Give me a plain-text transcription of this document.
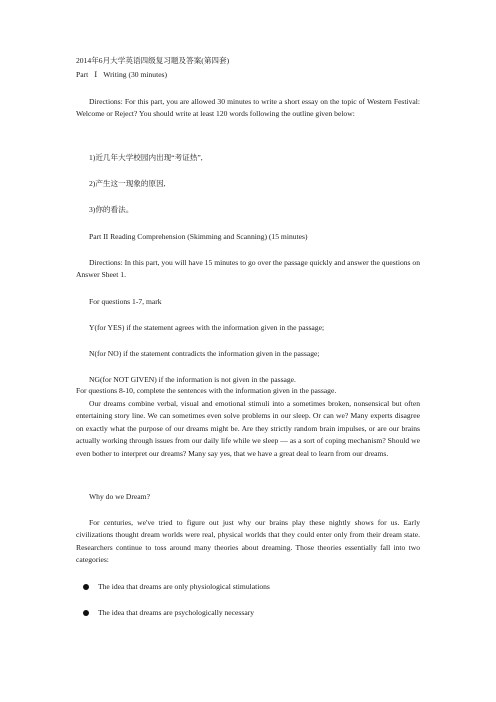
2014年6月大学英语四级复习题及答案(第四套)
Part Ⅰ Writing (30 minutes)
Directions: For this part, you are allowed 30 minutes to write a short essay on the topic of Western Festival: Welcome or Reject? You should write at least 120 words following the outline given below:
1)近几年大学校园内出现“考证热”,
2)产生这一现象的原因,
3)你的看法。
Part II Reading Comprehension (Skimming and Scanning) (15 minutes)
Directions: In this part, you will have 15 minutes to go over the passage quickly and answer the questions on Answer Sheet 1.
For questions 1-7, mark
Y(for YES) if the statement agrees with the information given in the passage;
N(for NO) if the statement contradicts the information given in the passage;
NG(for NOT GIVEN) if the information is not given in the passage.
For questions 8-10, complete the sentences with the information given in the passage.
Our dreams combine verbal, visual and emotional stimuli into a sometimes broken, nonsensical but often entertaining story line. We can sometimes even solve problems in our sleep. Or can we? Many experts disagree on exactly what the purpose of our dreams might be. Are they strictly random brain impulses, or are our brains actually working through issues from our daily life while we sleep — as a sort of coping mechanism? Should we even bother to interpret our dreams? Many say yes, that we have a great deal to learn from our dreams.
Why do we Dream?
For centuries, we've tried to figure out just why our brains play these nightly shows for us. Early civilizations thought dream worlds were real, physical worlds that they could enter only from their dream state. Researchers continue to toss around many theories about dreaming. Those theories essentially fall into two categories:
The idea that dreams are only physiological stimulations
The idea that dreams are psychologically necessary
